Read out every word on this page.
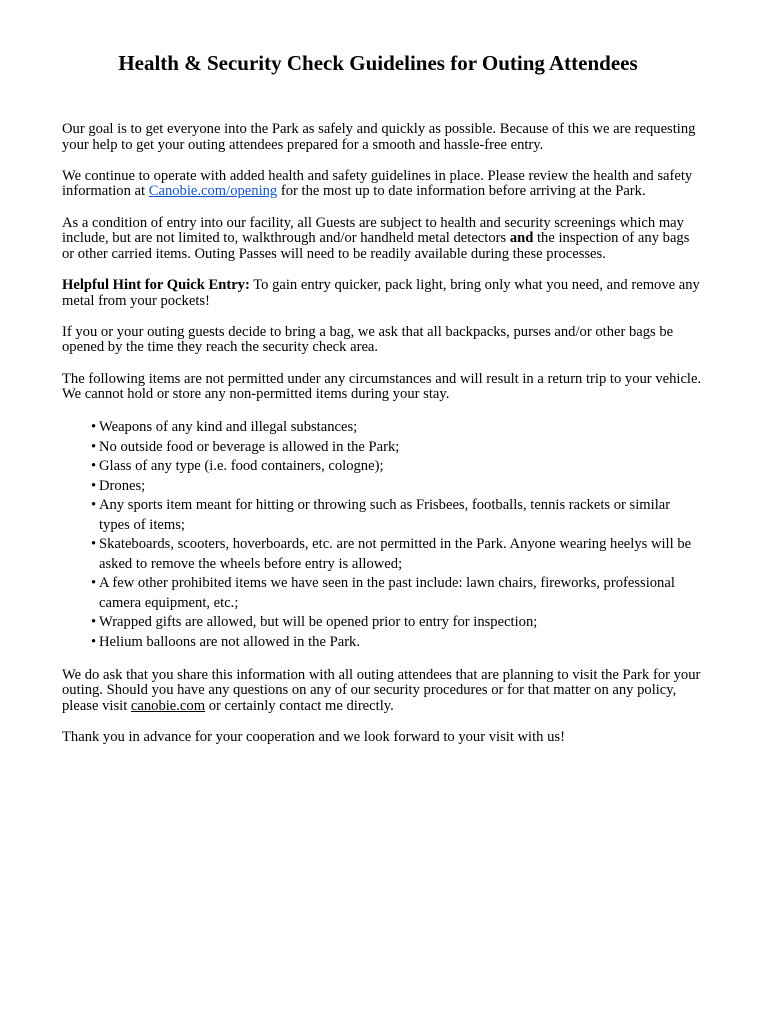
Health & Security Check Guidelines for Outing Attendees

Our goal is to get everyone into the Park as safely and quickly as possible. Because of this we are requesting your help to get your outing attendees prepared for a smooth and hassle-free entry.

We continue to operate with added health and safety guidelines in place. Please review the health and safety information at Canobie.com/opening for the most up to date information before arriving at the Park.

As a condition of entry into our facility, all Guests are subject to health and security screenings which may include, but are not limited to, walkthrough and/or handheld metal detectors and the inspection of any bags or other carried items. Outing Passes will need to be readily available during these processes.

Helpful Hint for Quick Entry: To gain entry quicker, pack light, bring only what you need, and remove any metal from your pockets!

If you or your outing guests decide to bring a bag, we ask that all backpacks, purses and/or other bags be opened by the time they reach the security check area.

The following items are not permitted under any circumstances and will result in a return trip to your vehicle. We cannot hold or store any non-permitted items during your stay.

• Weapons of any kind and illegal substances;
• No outside food or beverage is allowed in the Park;
• Glass of any type (i.e. food containers, cologne);
• Drones;
• Any sports item meant for hitting or throwing such as Frisbees, footballs, tennis rackets or similar types of items;
• Skateboards, scooters, hoverboards, etc. are not permitted in the Park. Anyone wearing heelys will be asked to remove the wheels before entry is allowed;
• A few other prohibited items we have seen in the past include: lawn chairs, fireworks, professional camera equipment, etc.;
• Wrapped gifts are allowed, but will be opened prior to entry for inspection;
• Helium balloons are not allowed in the Park.

We do ask that you share this information with all outing attendees that are planning to visit the Park for your outing. Should you have any questions on any of our security procedures or for that matter on any policy, please visit canobie.com or certainly contact me directly.

Thank you in advance for your cooperation and we look forward to your visit with us!
